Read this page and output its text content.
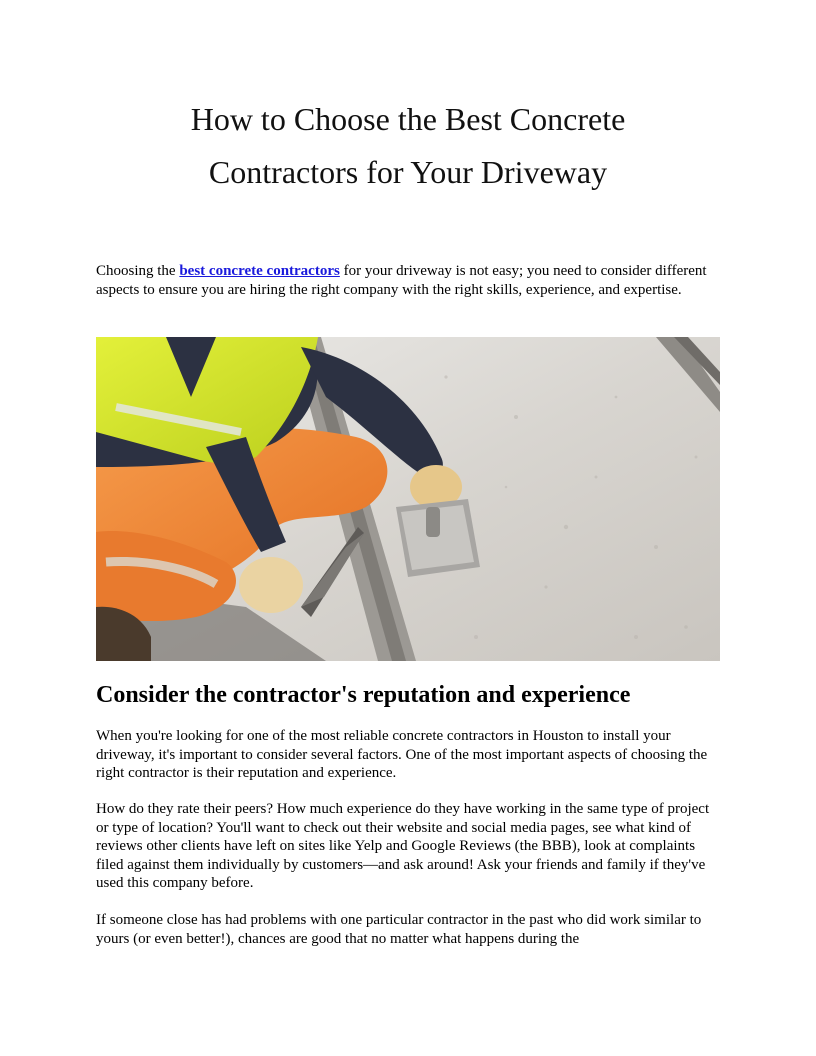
How to Choose the Best Concrete
Contractors for Your Driveway

Choosing the best concrete contractors for your driveway is not easy; you need to consider different aspects to ensure you are hiring the right company with the right skills, experience, and expertise.

Consider the contractor's reputation and experience

When you're looking for one of the most reliable concrete contractors in Houston to install your driveway, it's important to consider several factors. One of the most important aspects of choosing the right contractor is their reputation and experience.

How do they rate their peers? How much experience do they have working in the same type of project or type of location? You'll want to check out their website and social media pages, see what kind of reviews other clients have left on sites like Yelp and Google Reviews (the BBB), look at complaints filed against them individually by customers—and ask around! Ask your friends and family if they've used this company before.

If someone close has had problems with one particular contractor in the past who did work similar to yours (or even better!), chances are good that no matter what happens during the
